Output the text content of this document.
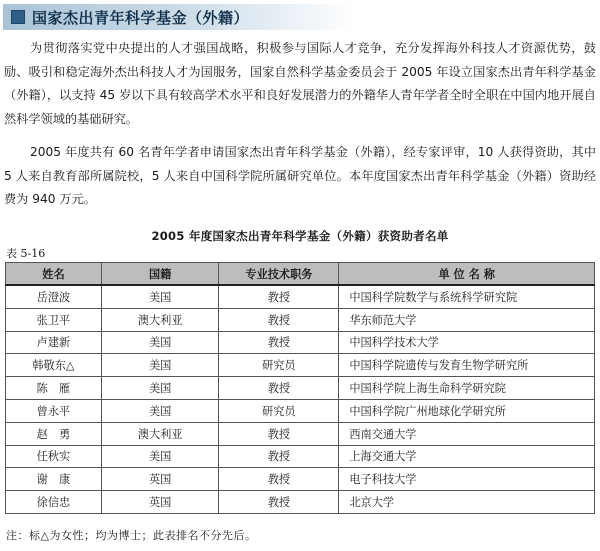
国家杰出青年科学基金（外籍）

为贯彻落实党中央提出的人才强国战略，积极参与国际人才竞争，充分发挥海外科技人才资源优势，鼓励、吸引和稳定海外杰出科技人才为国服务，国家自然科学基金委员会于 2005 年设立国家杰出青年科学基金（外籍），以支持 45 岁以下具有较高学术水平和良好发展潜力的外籍华人青年学者全时全职在中国内地开展自然科学领域的基础研究。

2005 年度共有 60 名青年学者申请国家杰出青年科学基金（外籍），经专家评审，10 人获得资助，其中 5 人来自教育部所属院校，5 人来自中国科学院所属研究单位。本年度国家杰出青年科学基金（外籍）资助经费为 940 万元。

2005 年度国家杰出青年科学基金（外籍）获资助者名单
表 5-16
姓名	国籍	专业技术职务	单 位 名 称
岳澄波	美国	教授	中国科学院数学与系统科学研究院
张卫平	澳大利亚	教授	华东师范大学
卢建新	美国	教授	中国科学技术大学
韩敬东△	美国	研究员	中国科学院遗传与发育生物学研究所
陈　雁	美国	教授	中国科学院上海生命科学研究院
曾永平	美国	研究员	中国科学院广州地球化学研究所
赵　勇	澳大利亚	教授	西南交通大学
任秋实	美国	教授	上海交通大学
谢　康	英国	教授	电子科技大学
徐信忠	英国	教授	北京大学
注：标△为女性；均为博士；此表排名不分先后。
